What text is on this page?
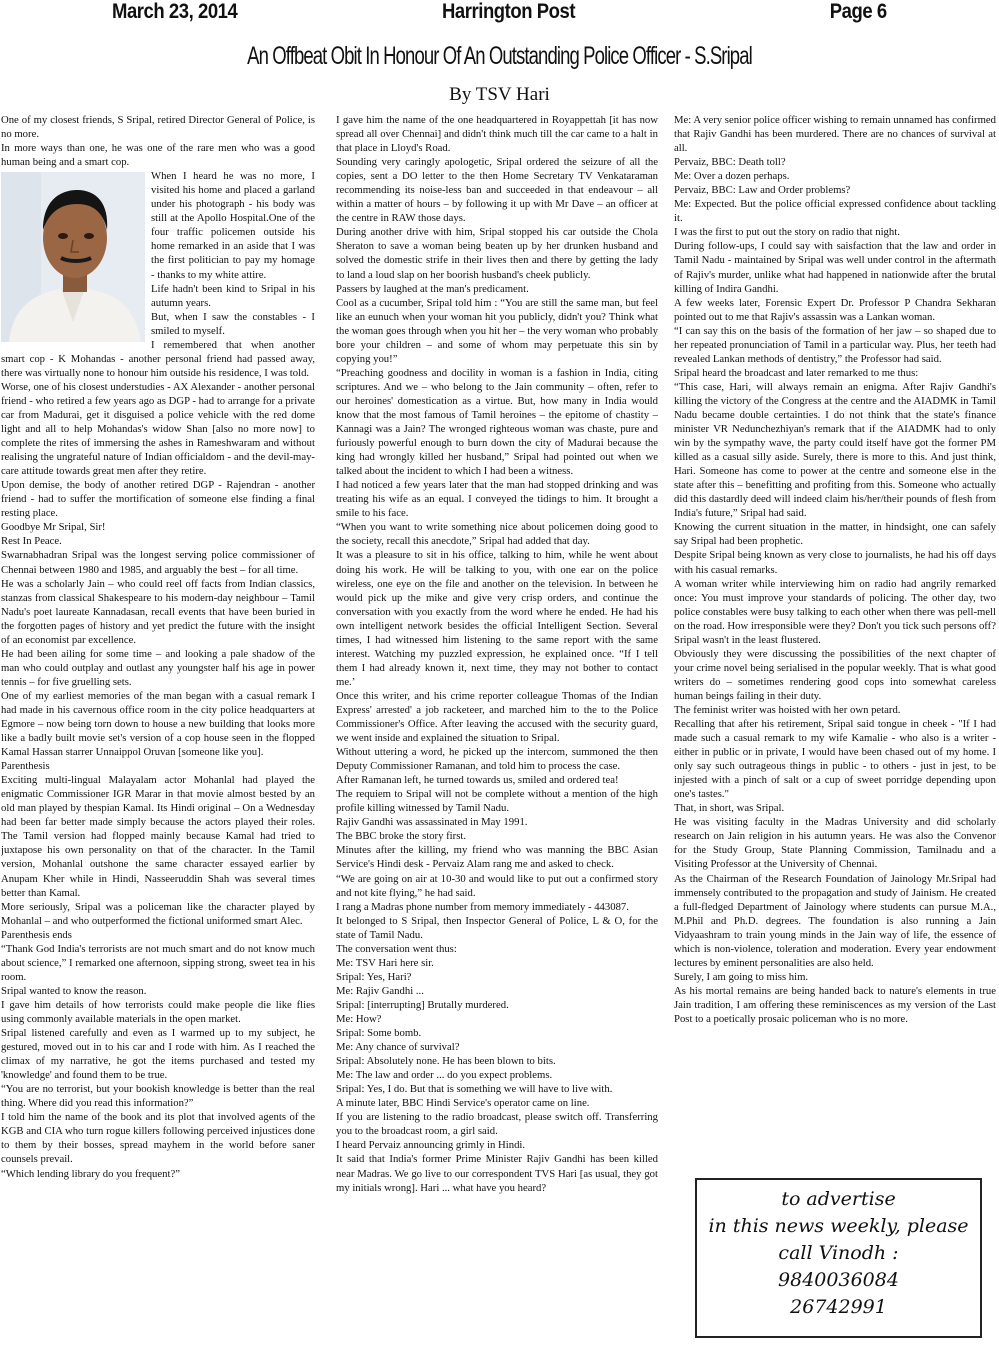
March 23, 2014	Harrington Post	Page 6
An Offbeat Obit In Honour Of An Outstanding Police Officer - S.Sripal
By TSV Hari

One of my closest friends, S Sripal, retired Director General of Police, is no more.

In more ways than one, he was one of the rare men who was a good human being and a smart cop.

When I heard he was no more, I visited his home and placed a garland under his photograph - his body was still at the Apollo Hospital.One of the four traffic policemen outside his home remarked in an aside that I was the first politician to pay my homage - thanks to my white attire.

Life hadn't been kind to Sripal in his autumn years.

But, when I saw the constables - I smiled to myself.

I remembered that when another smart cop - K Mohandas - another personal friend had passed away, there was virtually none to honour him outside his residence, I was told.

Worse, one of his closest understudies - AX Alexander - another personal friend - who retired a few years ago as DGP - had to arrange for a private car from Madurai, get it disguised a police vehicle with the red dome light and all to help Mohandas's widow Shan [also no more now] to complete the rites of immersing the ashes in Rameshwaram and without realising the ungrateful nature of Indian officialdom - and the devil-may-care attitude towards great men after they retire.

Upon demise, the body of another retired DGP - Rajendran - another friend - had to suffer the mortification of someone else finding a final resting place.

Goodbye Mr Sripal, Sir!

Rest In Peace.

Swarnabhadran Sripal was the longest serving police commissioner of Chennai between 1980 and 1985, and arguably the best – for all time.

He was a scholarly Jain – who could reel off facts from Indian classics, stanzas from classical Shakespeare to his modern-day neighbour – Tamil Nadu's poet laureate Kannadasan, recall events that have been buried in the forgotten pages of history and yet predict the future with the insight of an economist par excellence.

He had been ailing for some time – and looking a pale shadow of the man who could outplay and outlast any youngster half his age in power tennis – for five gruelling sets.

One of my earliest memories of the man began with a casual remark I had made in his cavernous office room in the city police headquarters at Egmore – now being torn down to house a new building that looks more like a badly built movie set's version of a cop house seen in the flopped Kamal Hassan starrer Unnaippol Oruvan [someone like you].

Parenthesis

Exciting multi-lingual Malayalam actor Mohanlal had played the enigmatic Commissioner IGR Marar in that movie almost bested by an old man played by thespian Kamal. Its Hindi original – On a Wednesday had been far better made simply because the actors played their roles. The Tamil version had flopped mainly because Kamal had tried to juxtapose his own personality on that of the character. In the Tamil version, Mohanlal outshone the same character essayed earlier by Anupam Kher while in Hindi, Nasseeruddin Shah was several times better than Kamal.

More seriously, Sripal was a policeman like the character played by Mohanlal – and who outperformed the fictional uniformed smart Alec.

Parenthesis ends

“Thank God India's terrorists are not much smart and do not know much about science,” I remarked one afternoon, sipping strong, sweet tea in his room.

Sripal wanted to know the reason.

I gave him details of how terrorists could make people die like flies using commonly available materials in the open market.

Sripal listened carefully and even as I warmed up to my subject, he gestured, moved out in to his car and I rode with him. As I reached the climax of my narrative, he got the items purchased and tested my 'knowledge' and found them to be true.

“You are no terrorist, but your bookish knowledge is better than the real thing. Where did you read this information?”

I told him the name of the book and its plot that involved agents of the KGB and CIA who turn rogue killers following perceived injustices done to them by their bosses, spread mayhem in the world before saner counsels prevail.

“Which lending library do you frequent?”

I gave him the name of the one headquartered in Royappettah [it has now spread all over Chennai] and didn't think much till the car came to a halt in that place in Lloyd's Road.

Sounding very caringly apologetic, Sripal ordered the seizure of all the copies, sent a DO letter to the then Home Secretary TV Venkataraman recommending its noise-less ban and succeeded in that endeavour – all within a matter of hours – by following it up with Mr Dave – an officer at the centre in RAW those days.

During another drive with him, Sripal stopped his car outside the Chola Sheraton to save a woman being beaten up by her drunken husband and solved the domestic strife in their lives then and there by getting the lady to land a loud slap on her boorish husband's cheek publicly.

Passers by laughed at the man's predicament.

Cool as a cucumber, Sripal told him : “You are still the same man, but feel like an eunuch when your woman hit you publicly, didn't you? Think what the woman goes through when you hit her – the very woman who probably bore your children – and some of whom may perpetuate this sin by copying you!”

“Preaching goodness and docility in woman is a fashion in India, citing scriptures. And we – who belong to the Jain community – often, refer to our heroines' domestication as a virtue. But, how many in India would know that the most famous of Tamil heroines – the epitome of chastity – Kannagi was a Jain? The wronged righteous woman was chaste, pure and furiously powerful enough to burn down the city of Madurai because the king had wrongly killed her husband,” Sripal had pointed out when we talked about the incident to which I had been a witness.

I had noticed a few years later that the man had stopped drinking and was treating his wife as an equal. I conveyed the tidings to him. It brought a smile to his face.

“When you want to write something nice about policemen doing good to the society, recall this anecdote,” Sripal had added that day.

It was a pleasure to sit in his office, talking to him, while he went about doing his work. He will be talking to you, with one ear on the police wireless, one eye on the file and another on the television. In between he would pick up the mike and give very crisp orders, and continue the conversation with you exactly from the word where he ended. He had his own intelligent network besides the official Intelligent Section. Several times, I had witnessed him listening to the same report with the same interest. Watching my puzzled expression, he explained once. “If I tell them I had already known it, next time, they may not bother to contact me.’

Once this writer, and his crime reporter colleague Thomas of the Indian Express' arrested' a job racketeer, and marched him to the to the Police Commissioner's Office. After leaving the accused with the security guard, we went inside and explained the situation to Sripal.

Without uttering a word, he picked up the intercom, summoned the then Deputy Commissioner Ramanan, and told him to process the case.

After Ramanan left, he turned towards us, smiled and ordered tea!

The requiem to Sripal will not be complete without a mention of the high profile killing witnessed by Tamil Nadu.

Rajiv Gandhi was assassinated in May 1991.

The BBC broke the story first.

Minutes after the killing, my friend who was manning the BBC Asian Service's Hindi desk - Pervaiz Alam rang me and asked to check.

“We are going on air at 10-30 and would like to put out a confirmed story and not kite flying,” he had said.

I rang a Madras phone number from memory immediately - 443087.

It belonged to S Sripal, then Inspector General of Police, L & O, for the state of Tamil Nadu.

The conversation went thus:

Me: TSV Hari here sir.

Sripal: Yes, Hari?

Me: Rajiv Gandhi ...

Sripal: [interrupting] Brutally murdered.

Me: How?

Sripal: Some bomb.

Me: Any chance of survival?

Sripal: Absolutely none. He has been blown to bits.

Me: The law and order ... do you expect problems.

Sripal: Yes, I do. But that is something we will have to live with.

A minute later, BBC Hindi Service's operator came on line.

If you are listening to the radio broadcast, please switch off. Transferring you to the broadcast room, a girl said.

I heard Pervaiz announcing grimly in Hindi.

It said that India's former Prime Minister Rajiv Gandhi has been killed near Madras. We go live to our correspondent TVS Hari [as usual, they got my initials wrong]. Hari ... what have you heard?

Me: A very senior police officer wishing to remain unnamed has confirmed that Rajiv Gandhi has been murdered. There are no chances of survival at all.

Pervaiz, BBC: Death toll?

Me: Over a dozen perhaps.

Pervaiz, BBC: Law and Order problems?

Me: Expected. But the police official expressed confidence about tackling it.

I was the first to put out the story on radio that night.

During follow-ups, I could say with saisfaction that the law and order in Tamil Nadu - maintained by Sripal was well under control in the aftermath of Rajiv's murder, unlike what had happened in nationwide after the brutal killing of Indira Gandhi.

A few weeks later, Forensic Expert Dr. Professor P Chandra Sekharan pointed out to me that Rajiv's assassin was a Lankan woman.

“I can say this on the basis of the formation of her jaw – so shaped due to her repeated pronunciation of Tamil in a particular way. Plus, her teeth had revealed Lankan methods of dentistry,” the Professor had said.

Sripal heard the broadcast and later remarked to me thus:

“This case, Hari, will always remain an enigma. After Rajiv Gandhi's killing the victory of the Congress at the centre and the AIADMK in Tamil Nadu became double certainties. I do not think that the state's finance minister VR Nedunchezhiyan's remark that if the AIADMK had to only win by the sympathy wave, the party could itself have got the former PM killed as a casual silly aside. Surely, there is more to this. And just think, Hari. Someone has come to power at the centre and someone else in the state after this – benefitting and profiting from this. Someone who actually did this dastardly deed will indeed claim his/her/their pounds of flesh from India's future,” Sripal had said.

Knowing the current situation in the matter, in hindsight, one can safely say Sripal had been prophetic.

Despite Sripal being known as very close to journalists, he had his off days with his casual remarks.

A woman writer while interviewing him on radio had angrily remarked once: You must improve your standards of policing. The other day, two police constables were busy talking to each other when there was pell-mell on the road. How irresponsible were they? Don't you tick such persons off?

Sripal wasn't in the least flustered.

Obviously they were discussing the possibilities of the next chapter of your crime novel being serialised in the popular weekly. That is what good writers do – sometimes rendering good cops into somewhat careless human beings failing in their duty.

The feminist writer was hoisted with her own petard.

Recalling that after his retirement, Sripal said tongue in cheek - "If I had made such a casual remark to my wife Kamalie - who also is a writer - either in public or in private, I would have been chased out of my home. I only say such outrageous things in public - to others - just in jest, to be injested with a pinch of salt or a cup of sweet porridge depending upon one's tastes."

That, in short, was Sripal.

He was visiting faculty in the Madras University and did scholarly research on Jain religion in his autumn years. He was also the Convenor for the Study Group, State Planning Commission, Tamilnadu and a Visiting Professor at the University of Chennai.

As the Chairman of the Research Foundation of Jainology Mr.Sripal had immensely contributed to the propagation and study of Jainism. He created a full-fledged Department of Jainology where students can pursue M.A., M.Phil and Ph.D. degrees. The foundation is also running a Jain Vidyaashram to train young minds in the Jain way of life, the essence of which is non-violence, toleration and moderation. Every year endowment lectures by eminent personalities are also held.

Surely, I am going to miss him.

As his mortal remains are being handed back to nature's elements in true Jain tradition, I am offering these reminiscences as my version of the Last Post to a poetically prosaic policeman who is no more.

to advertise
in this news weekly, please
call Vinodh :
9840036084
26742991
